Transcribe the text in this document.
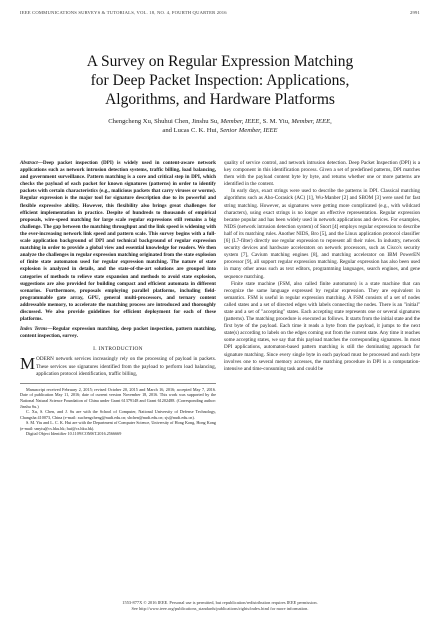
IEEE COMMUNICATIONS SURVEYS & TUTORIALS, VOL. 18, NO. 4, FOURTH QUARTER 2016	2991
A Survey on Regular Expression Matching
for Deep Packet Inspection: Applications,
Algorithms, and Hardware Platforms
Chengcheng Xu, Shuhui Chen, Jinshu Su, Member, IEEE, S. M. Yiu, Member, IEEE,
and Lucas C. K. Hui, Senior Member, IEEE
Abstract—Deep packet inspection (DPI) is widely used in content-aware network applications such as network intrusion detection systems, traffic billing, load balancing, and government surveillance. Pattern matching is a core and critical step in DPI, which checks the payload of each packet for known signatures (patterns) in order to identify packets with certain characteristics (e.g., malicious packets that carry viruses or worms). Regular expression is the major tool for signature description due to its powerful and flexible expressive ability. However, this flexibility also brings great challenges for efficient implementation in practice. Despite of hundreds to thousands of empirical proposals, wire-speed matching for large scale regular expressions still remains a big challenge. The gap between the matching throughput and the link speed is widening with the ever-increasing network link speed and pattern scale. This survey begins with a full-scale application background of DPI and technical background of regular expression matching in order to provide a global view and essential knowledge for readers. We then analyze the challenges in regular expression matching originated from the state explosion of finite state automaton used for regular expression matching. The nature of state explosion is analyzed in details, and the state-of-the-art solutions are grouped into categories of methods to relieve state expansion and methods to avoid state explosion, suggestions are also provided for building compact and efficient automata in different scenarios. Furthermore, proposals employing parallel platforms, including field-programmable gate array, GPU, general multi-processors, and ternary content addressable memory, to accelerate the matching process are introduced and thoroughly discussed. We also provide guidelines for efficient deployment for each of these platforms.
Index Terms—Regular expression matching, deep packet inspection, pattern matching, content inspection, survey.
I. INTRODUCTION

MODERN network services increasingly rely on the processing of payload in packets. These services use signatures identified from the payload to perform load balancing, application protocol identification, traffic billing,

Manuscript received February 2, 2015; revised October 20, 2015 and March 16, 2016; accepted May 7, 2016. Date of publication May 11, 2016; date of current version November 18, 2016. This work was supported by the National Natural Science Foundation of China under Grant 61379148 and Grant 61202488. (Corresponding author: Jinshu Su.)

C. Xu, S. Chen, and J. Su are with the School of Computer, National University of Defense Technology, Changsha 410073, China (e-mail: xuchengcheng@nudt.edu.cn; shchen@nudt.edu.cn; sjs@nudt.edu.cn).

S. M. Yiu and L. C. K. Hui are with the Department of Computer Science, University of Hong Kong, Hong Kong (e-mail: smyiu@cs.hku.hk; hui@cs.hku.hk).

Digital Object Identifier 10.1109/COMST.2016.2566669

quality of service control, and network intrusion detection. Deep Packet Inspection (DPI) is a key component in this identification process. Given a set of predefined patterns, DPI matches them with the payload content byte by byte, and returns whether one or more patterns are identified in the content.

In early days, exact strings were used to describe the patterns in DPI. Classical matching algorithms such as Aho-Corasick (AC) [1], Wu-Manber [2] and SBOM [3] were used for fast string matching. However, as signatures were getting more complicated (e.g., with wildcard characters), using exact strings is no longer an effective representation. Regular expression became popular and has been widely used in network applications and devices. For examples, NIDS (network intrusion detection system) of Snort [4] employs regular expression to describe half of its matching rules. Another NIDS, Bro [5], and the Linux application protocol classifier [6] (L7-filter) directly use regular expression to represent all their rules. In industry, network security devices and hardware accelerators on network processors, such as Cisco's security system [7], Cavium matching engines [8], and matching accelerator on IBM PowerEN processor [9], all support regular expression matching. Regular expression has also been used in many other areas such as text editors, programming languages, search engines, and gene sequence matching.

Finite state machine (FSM, also called finite automaton) is a state machine that can recognize the same language expressed by regular expression. They are equivalent in semantics. FSM is useful in regular expression matching. A FSM consists of a set of nodes called states and a set of directed edges with labels connecting the nodes. There is an "initial" state and a set of "accepting" states. Each accepting state represents one or several signatures (patterns). The matching procedure is executed as follows. It starts from the initial state and the first byte of the payload. Each time it reads a byte from the payload, it jumps to the next state(s) according to labels on the edges coming out from the current state. Any time it reaches some accepting states, we say that this payload matches the corresponding signatures. In most DPI applications, automaton-based pattern matching is still the dominating approach for signature matching. Since every single byte in each payload must be processed and each byte involves one to several memory accesses, the matching procedure in DPI is a computation-intensive and time-consuming task and could be

1553-877X © 2016 IEEE. Personal use is permitted, but republication/redistribution requires IEEE permission.
See http://www.ieee.org/publications_standards/publications/rights/index.html for more information.
